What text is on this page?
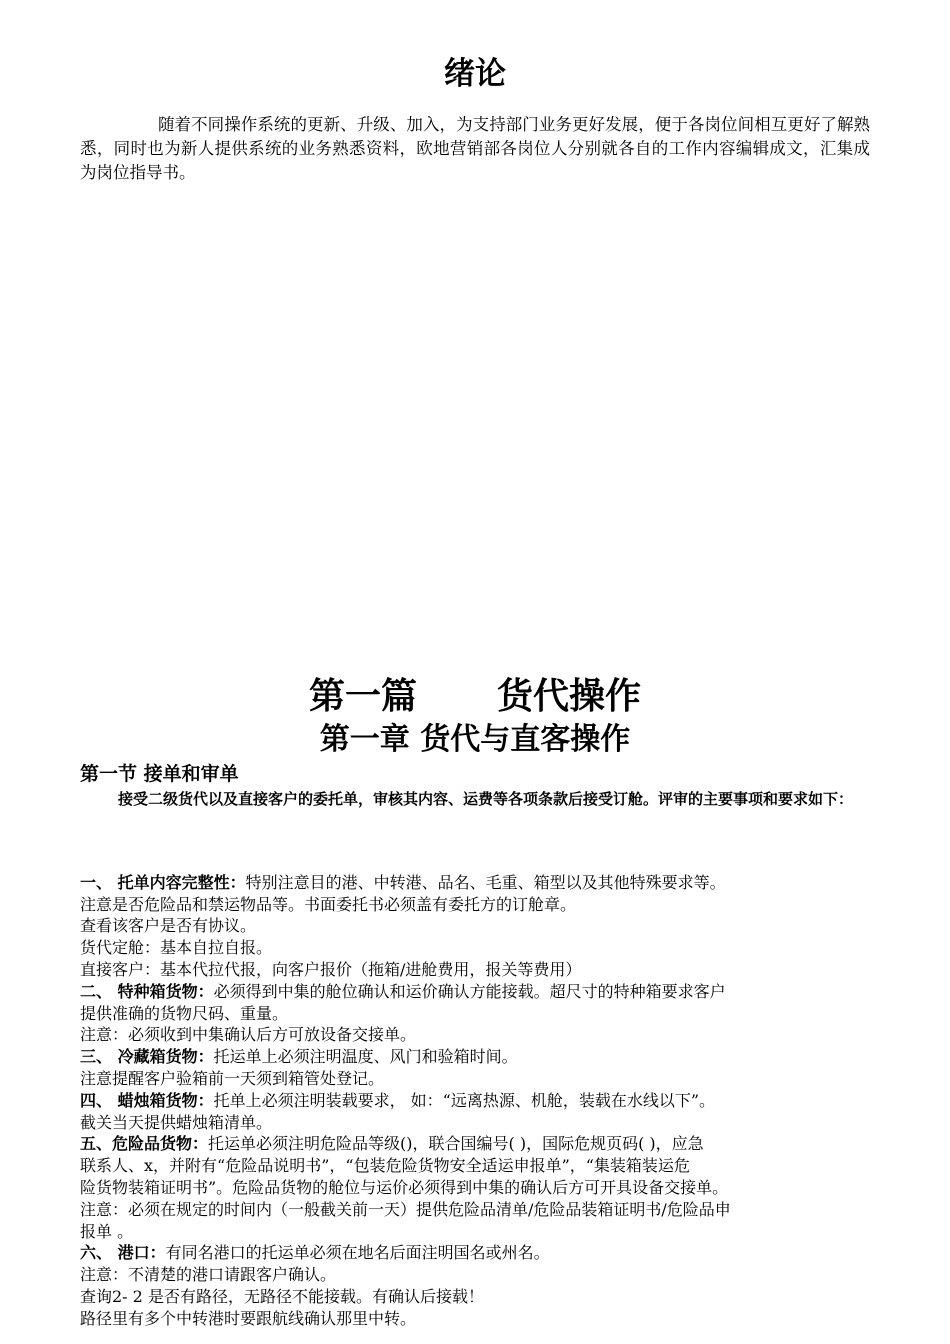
绪论

随着不同操作系统的更新、升级、加入，为支持部门业务更好发展，便于各岗位间相互更好了解熟悉，同时也为新人提供系统的业务熟悉资料，欧地营销部各岗位人分别就各自的工作内容编辑成文，汇集成为岗位指导书。

第一篇 货代操作
第一章 货代与直客操作
第一节 接单和审单

接受二级货代以及直接客户的委托单，审核其内容、运费等各项条款后接受订舱。评审的主要事项和要求如下：

一、 托单内容完整性：特别注意目的港、中转港、品名、毛重、箱型以及其他特殊要求等。
注意是否危险品和禁运物品等。书面委托书必须盖有委托方的订舱章。
查看该客户是否有协议。
货代定舱：基本自拉自报。
直接客户：基本代拉代报，向客户报价（拖箱/进舱费用，报关等费用）
二、 特种箱货物：必须得到中集的舱位确认和运价确认方能接载。超尺寸的特种箱要求客户
提供准确的货物尺码、重量。
注意：必须收到中集确认后方可放设备交接单。
三、 冷藏箱货物：托运单上必须注明温度、风门和验箱时间。
注意提醒客户验箱前一天须到箱管处登记。
四、 蜡烛箱货物：托单上必须注明装载要求， 如：“远离热源、机舱，装载在水线以下”。
截关当天提供蜡烛箱清单。
五、危险品货物：托运单必须注明危险品等级()，联合国编号( )，国际危规页码( )，应急
联系人、x，并附有“危险品说明书”，“包装危险货物安全适运申报单”，“集装箱装运危
险货物装箱证明书”。危险品货物的舱位与运价必须得到中集的确认后方可开具设备交接单。
注意：必须在规定的时间内（一般截关前一天）提供危险品清单/危险品装箱证明书/危险品申
报单 。
六、 港口：有同名港口的托运单必须在地名后面注明国名或州名。
注意：不清楚的港口请跟客户确认。
查询2- 2 是否有路径，无路径不能接载。有确认后接载！
路径里有多个中转港时要跟航线确认那里中转。
